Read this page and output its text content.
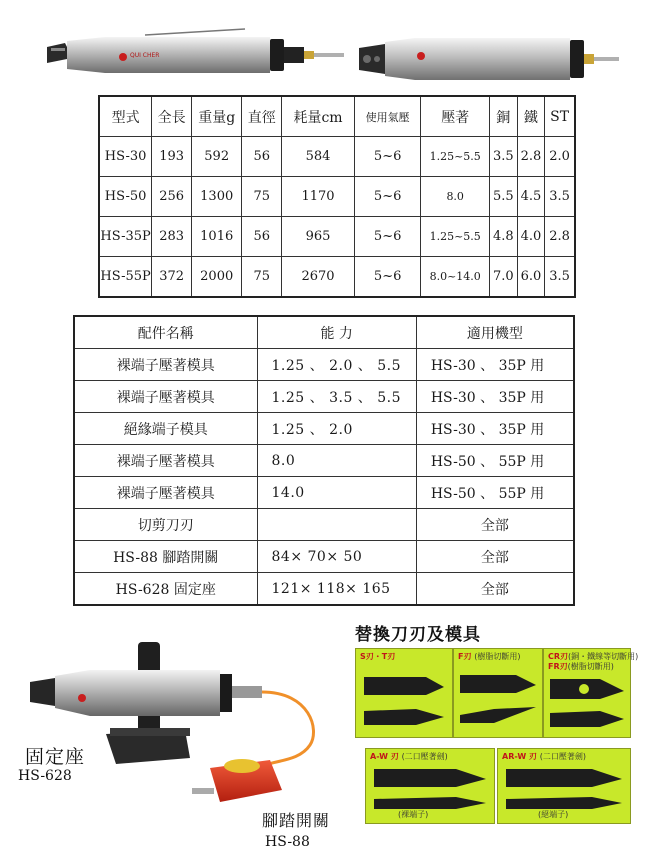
QUI CHER
型式	全長	重量g	直徑	耗量cm	使用氣壓	壓著	銅	鐵	ST
HS-30	193	592	56	584	5~6	1.25~5.5	3.5	2.8	2.0
HS-50	256	1300	75	1170	5~6	8.0	5.5	4.5	3.5
HS-35P	283	1016	56	965	5~6	1.25~5.5	4.8	4.0	2.8
HS-55P	372	2000	75	2670	5~6	8.0~14.0	7.0	6.0	3.5
配件名稱	能 力	適用機型
裸端子壓著模具	1.25 、 2.0 、 5.5	HS-30 、 35P 用
裸端子壓著模具	1.25 、 3.5 、 5.5	HS-30 、 35P 用
絕緣端子模具	1.25 、 2.0	HS-30 、 35P 用
裸端子壓著模具	8.0	HS-50 、 55P 用
裸端子壓著模具	14.0	HS-50 、 55P 用
切剪刀刃		全部
HS-88 腳踏開關	84× 70× 50	全部
HS-628 固定座	121× 118× 165	全部
固定座
HS-628
腳踏開關
HS-88
替換刀刃及模具
S刃・T刃	F刃 (樹脂切斷用)	CR刃(銅・鐵線等切斷用)
FR刃(樹脂切斷用)
A-W 刃 (二口壓著劍)
(裸端子)
AR-W 刃 (二口壓著劍)
(絕端子)
